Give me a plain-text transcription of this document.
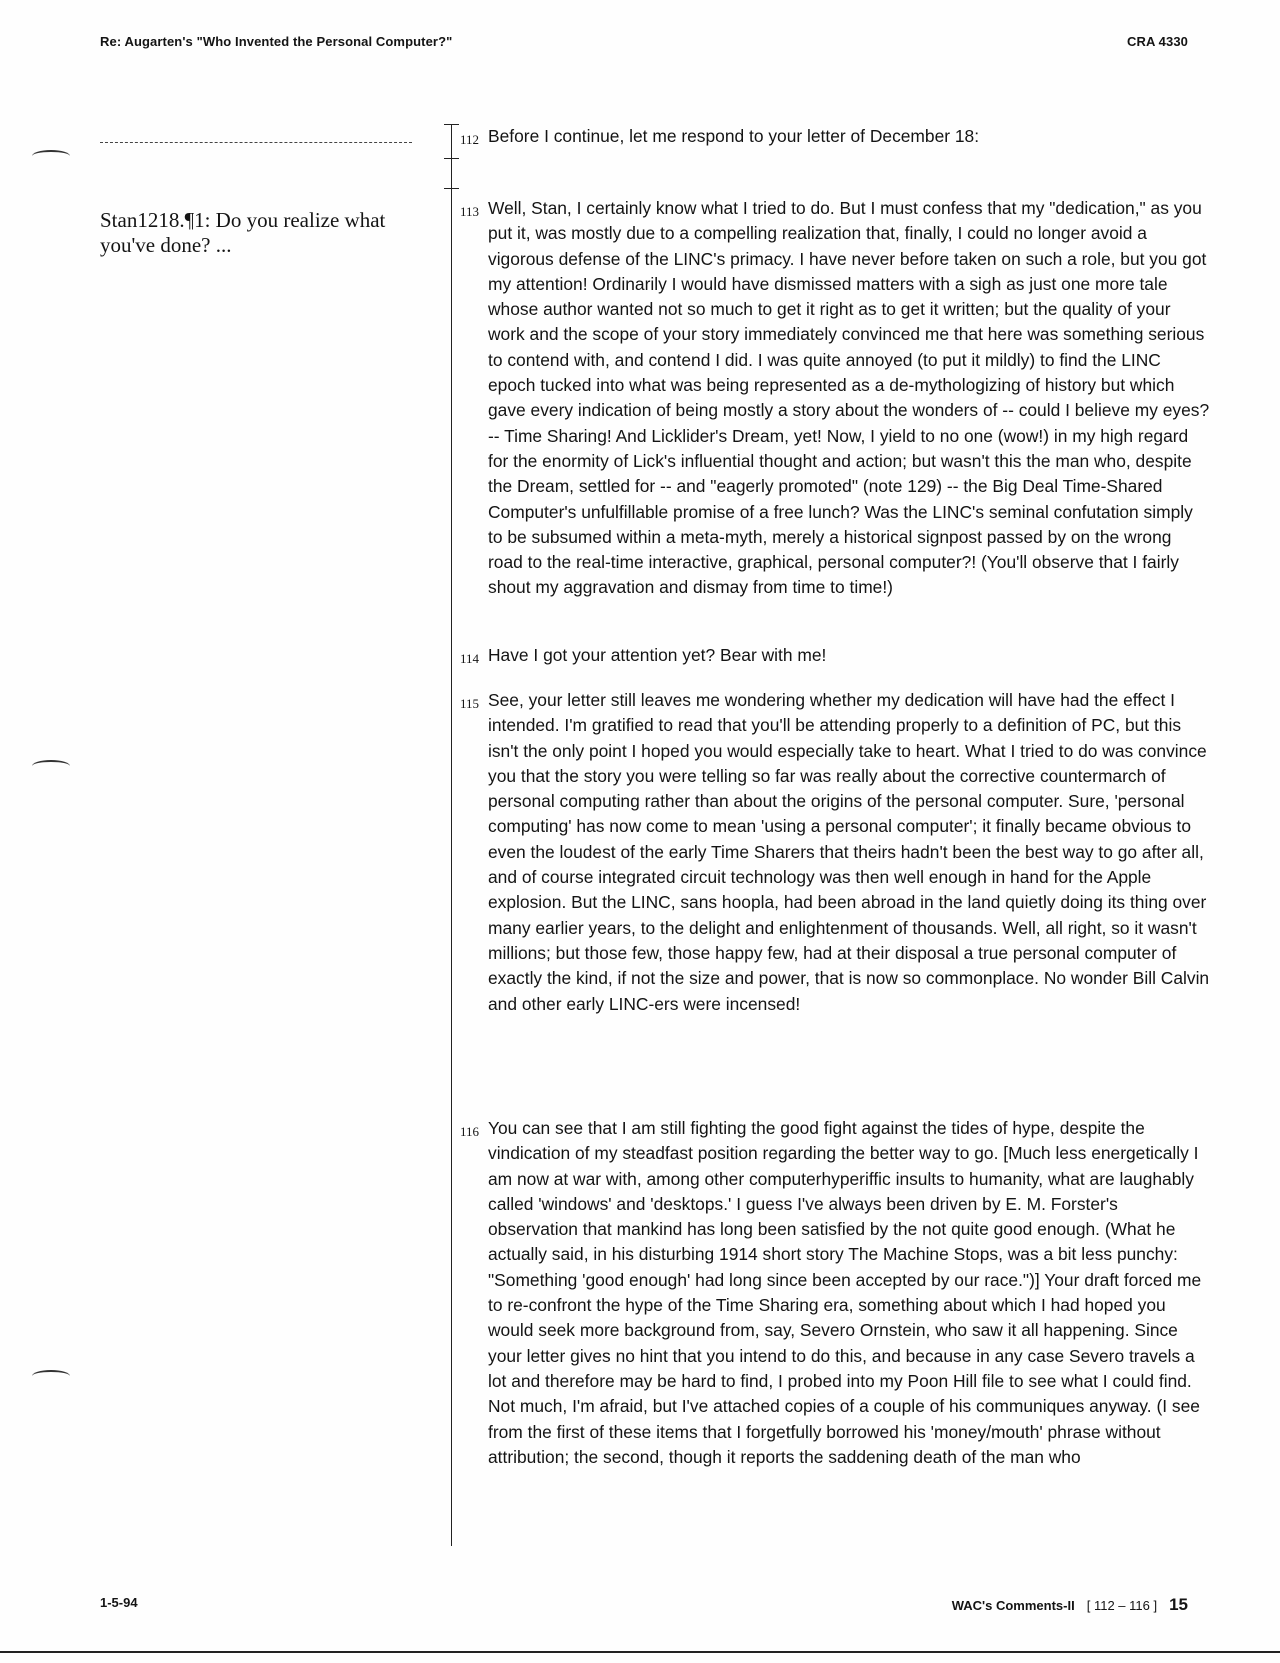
Re: Augarten's "Who Invented the Personal Computer?"	CRA 4330
Stan1218.¶1: Do you realize what you've done? ...
112 Before I continue, let me respond to your letter of December 18:

113 Well, Stan, I certainly know what I tried to do. But I must confess that my "dedication," as you put it, was mostly due to a compelling realization that, finally, I could no longer avoid a vigorous defense of the LINC's primacy. I have never before taken on such a role, but you got my attention! Ordinarily I would have dismissed matters with a sigh as just one more tale whose author wanted not so much to get it right as to get it written; but the quality of your work and the scope of your story immediately convinced me that here was something serious to contend with, and contend I did. I was quite annoyed (to put it mildly) to find the LINC epoch tucked into what was being represented as a de-mythologizing of history but which gave every indication of being mostly a story about the wonders of -- could I believe my eyes? -- Time Sharing! And Licklider's Dream, yet! Now, I yield to no one (wow!) in my high regard for the enormity of Lick's influential thought and action; but wasn't this the man who, despite the Dream, settled for -- and "eagerly promoted" (note 129) -- the Big Deal Time-Shared Computer's unfulfillable promise of a free lunch? Was the LINC's seminal confutation simply to be subsumed within a meta-myth, merely a historical signpost passed by on the wrong road to the real-time interactive, graphical, personal computer?! (You'll observe that I fairly shout my aggravation and dismay from time to time!)

114 Have I got your attention yet? Bear with me!

115 See, your letter still leaves me wondering whether my dedication will have had the effect I intended. I'm gratified to read that you'll be attending properly to a definition of PC, but this isn't the only point I hoped you would especially take to heart. What I tried to do was convince you that the story you were telling so far was really about the corrective countermarch of personal computing rather than about the origins of the personal computer. Sure, 'personal computing' has now come to mean 'using a personal computer'; it finally became obvious to even the loudest of the early Time Sharers that theirs hadn't been the best way to go after all, and of course integrated circuit technology was then well enough in hand for the Apple explosion. But the LINC, sans hoopla, had been abroad in the land quietly doing its thing over many earlier years, to the delight and enlightenment of thousands. Well, all right, so it wasn't millions; but those few, those happy few, had at their disposal a true personal computer of exactly the kind, if not the size and power, that is now so commonplace. No wonder Bill Calvin and other early LINC-ers were incensed!

116 You can see that I am still fighting the good fight against the tides of hype, despite the vindication of my steadfast position regarding the better way to go. [Much less energetically I am now at war with, among other computerhyperiffic insults to humanity, what are laughably called 'windows' and 'desktops.' I guess I've always been driven by E. M. Forster's observation that mankind has long been satisfied by the not quite good enough. (What he actually said, in his disturbing 1914 short story The Machine Stops, was a bit less punchy: "Something 'good enough' had long since been accepted by our race.")] Your draft forced me to re-confront the hype of the Time Sharing era, something about which I had hoped you would seek more background from, say, Severo Ornstein, who saw it all happening. Since your letter gives no hint that you intend to do this, and because in any case Severo travels a lot and therefore may be hard to find, I probed into my Poon Hill file to see what I could find. Not much, I'm afraid, but I've attached copies of a couple of his communiques anyway. (I see from the first of these items that I forgetfully borrowed his 'money/mouth' phrase without attribution; the second, though it reports the saddening death of the man who

1-5-94	WAC's Comments-II [ 112 – 116 ] 15
